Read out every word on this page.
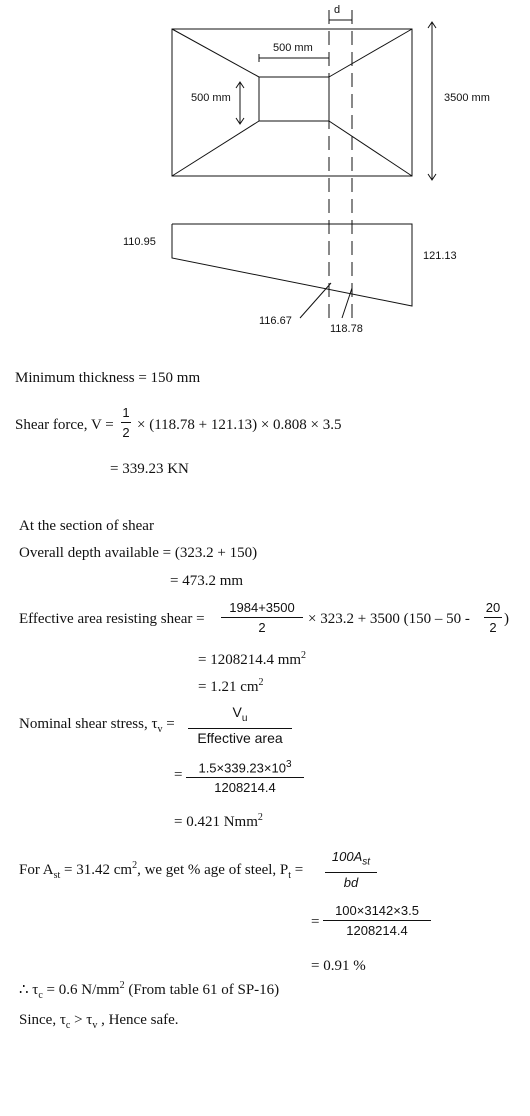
d
500 mm
500 mm	3500 mm
110.95
121.13
116.67
118.78
Minimum thickness = 150 mm
Shear force, V =
1
2 × (118.78 + 121.13) × 0.808 × 3.5
= 339.23 KN
At the section of shear
Overall depth available = (323.2 + 150)
= 473.2 mm
Effective area resisting shear =
1984+3500
2
× 323.2 + 3500 (150 – 50 -
20
2
)
= 1208214.4 $mm^2$
= 1.21 $cm^2$
Nominal shear stress, $\tau_v$ =
$V_u$
Effective area
= $1.5\times 339.23\times 10^3$
1208214.4
= 0.421 Nmm$^2$
For $A_{st} = 31.42$ $cm^2$, we get % age of steel, $P_t$ =
$100A_{st}$
bd
=
100×3142×3.5
1208214.4
= 0.91 %
∴ $\tau_c = 0.6$ $N/mm^2$ (From table 61 of SP-16)
Since, $\tau_c > \tau_v$ , Hence safe.
